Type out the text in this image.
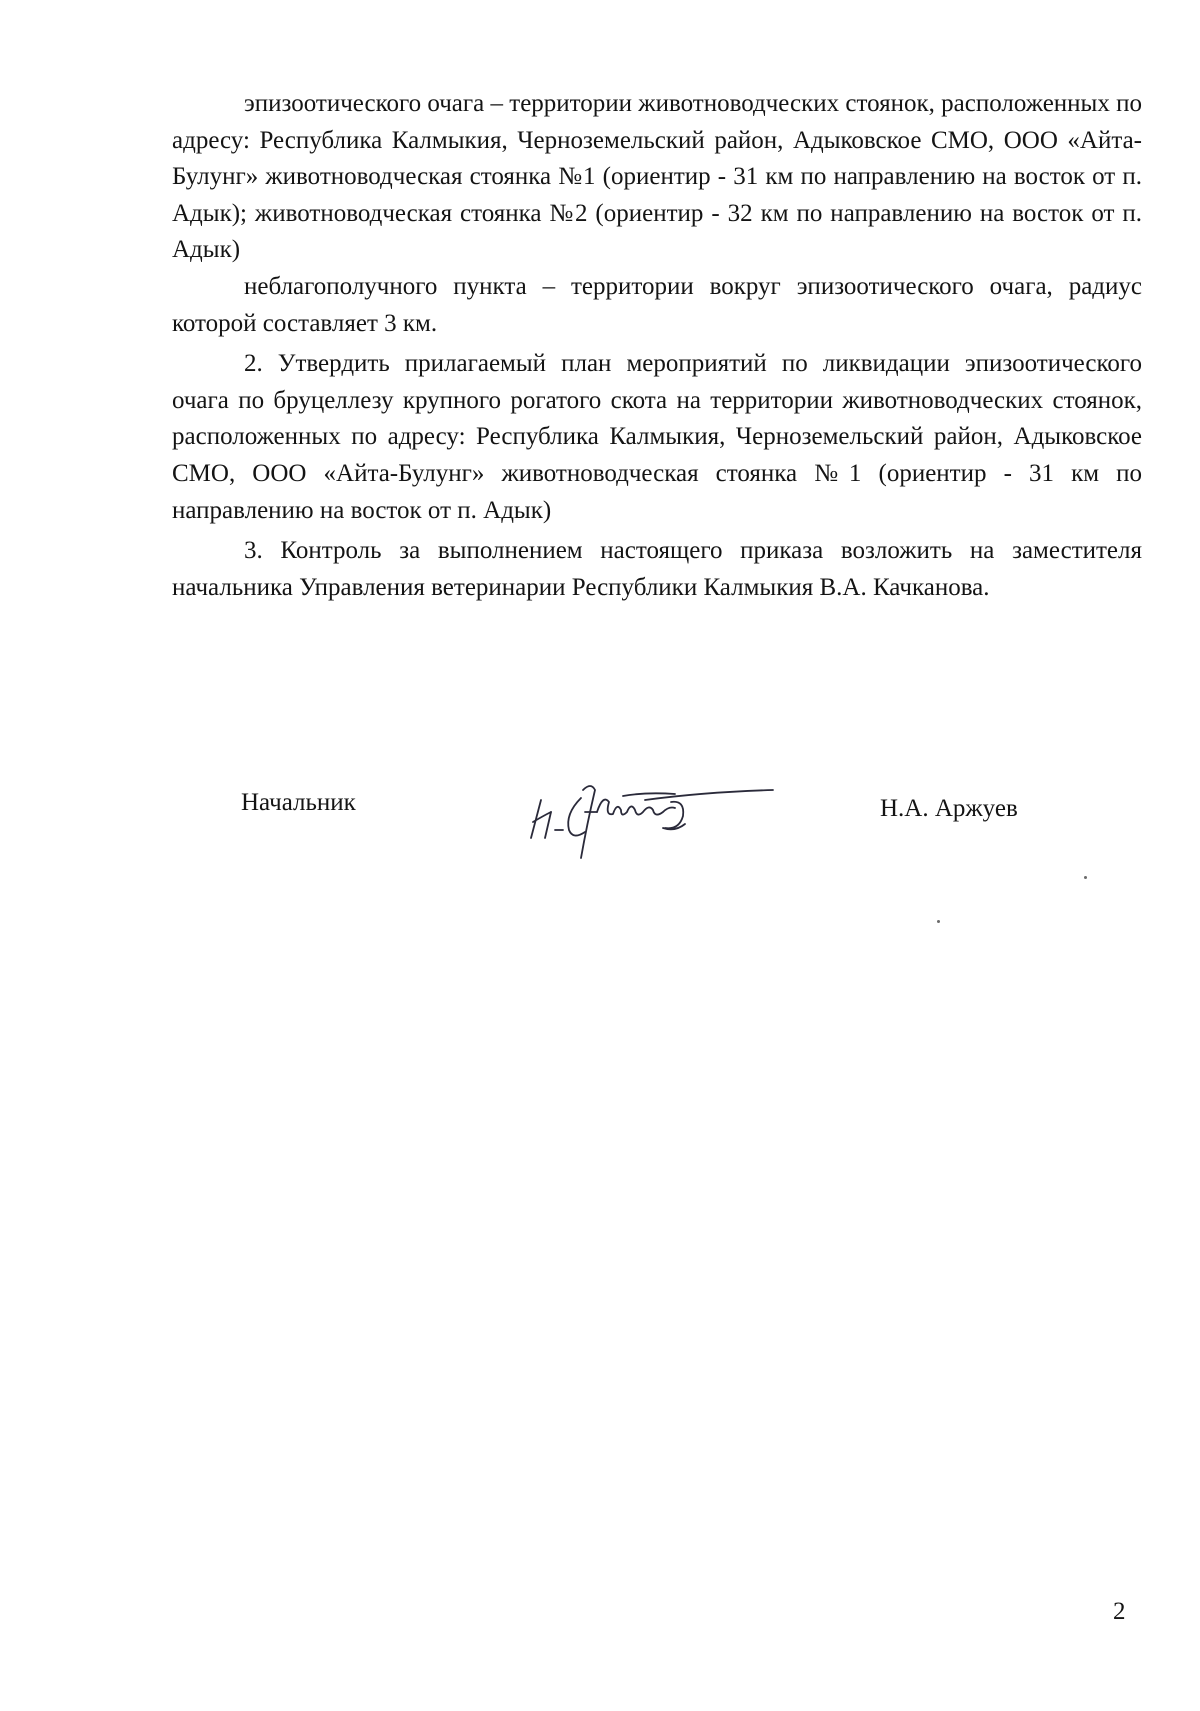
эпизоотического очага – территории животноводческих стоянок, расположенных по адресу: Республика Калмыкия, Черноземельский район, Адыковское СМО, ООО «Айта-Булунг» животноводческая стоянка №1 (ориентир - 31 км по направлению на восток от п. Адык); животноводческая стоянка №2 (ориентир - 32 км по направлению на восток от п. Адык)

неблагополучного пункта – территории вокруг эпизоотического очага, радиус которой составляет 3 км.

2. Утвердить прилагаемый план мероприятий по ликвидации эпизоотического очага по бруцеллезу крупного рогатого скота на территории животноводческих стоянок, расположенных по адресу: Республика Калмыкия, Черноземельский район, Адыковское СМО, ООО «Айта-Булунг» животноводческая стоянка №1 (ориентир - 31 км по направлению на восток от п. Адык)

3. Контроль за выполнением настоящего приказа возложить на заместителя начальника Управления ветеринарии Республики Калмыкия В.А. Качканова.

Начальник	Н.А. Аржуев
2
